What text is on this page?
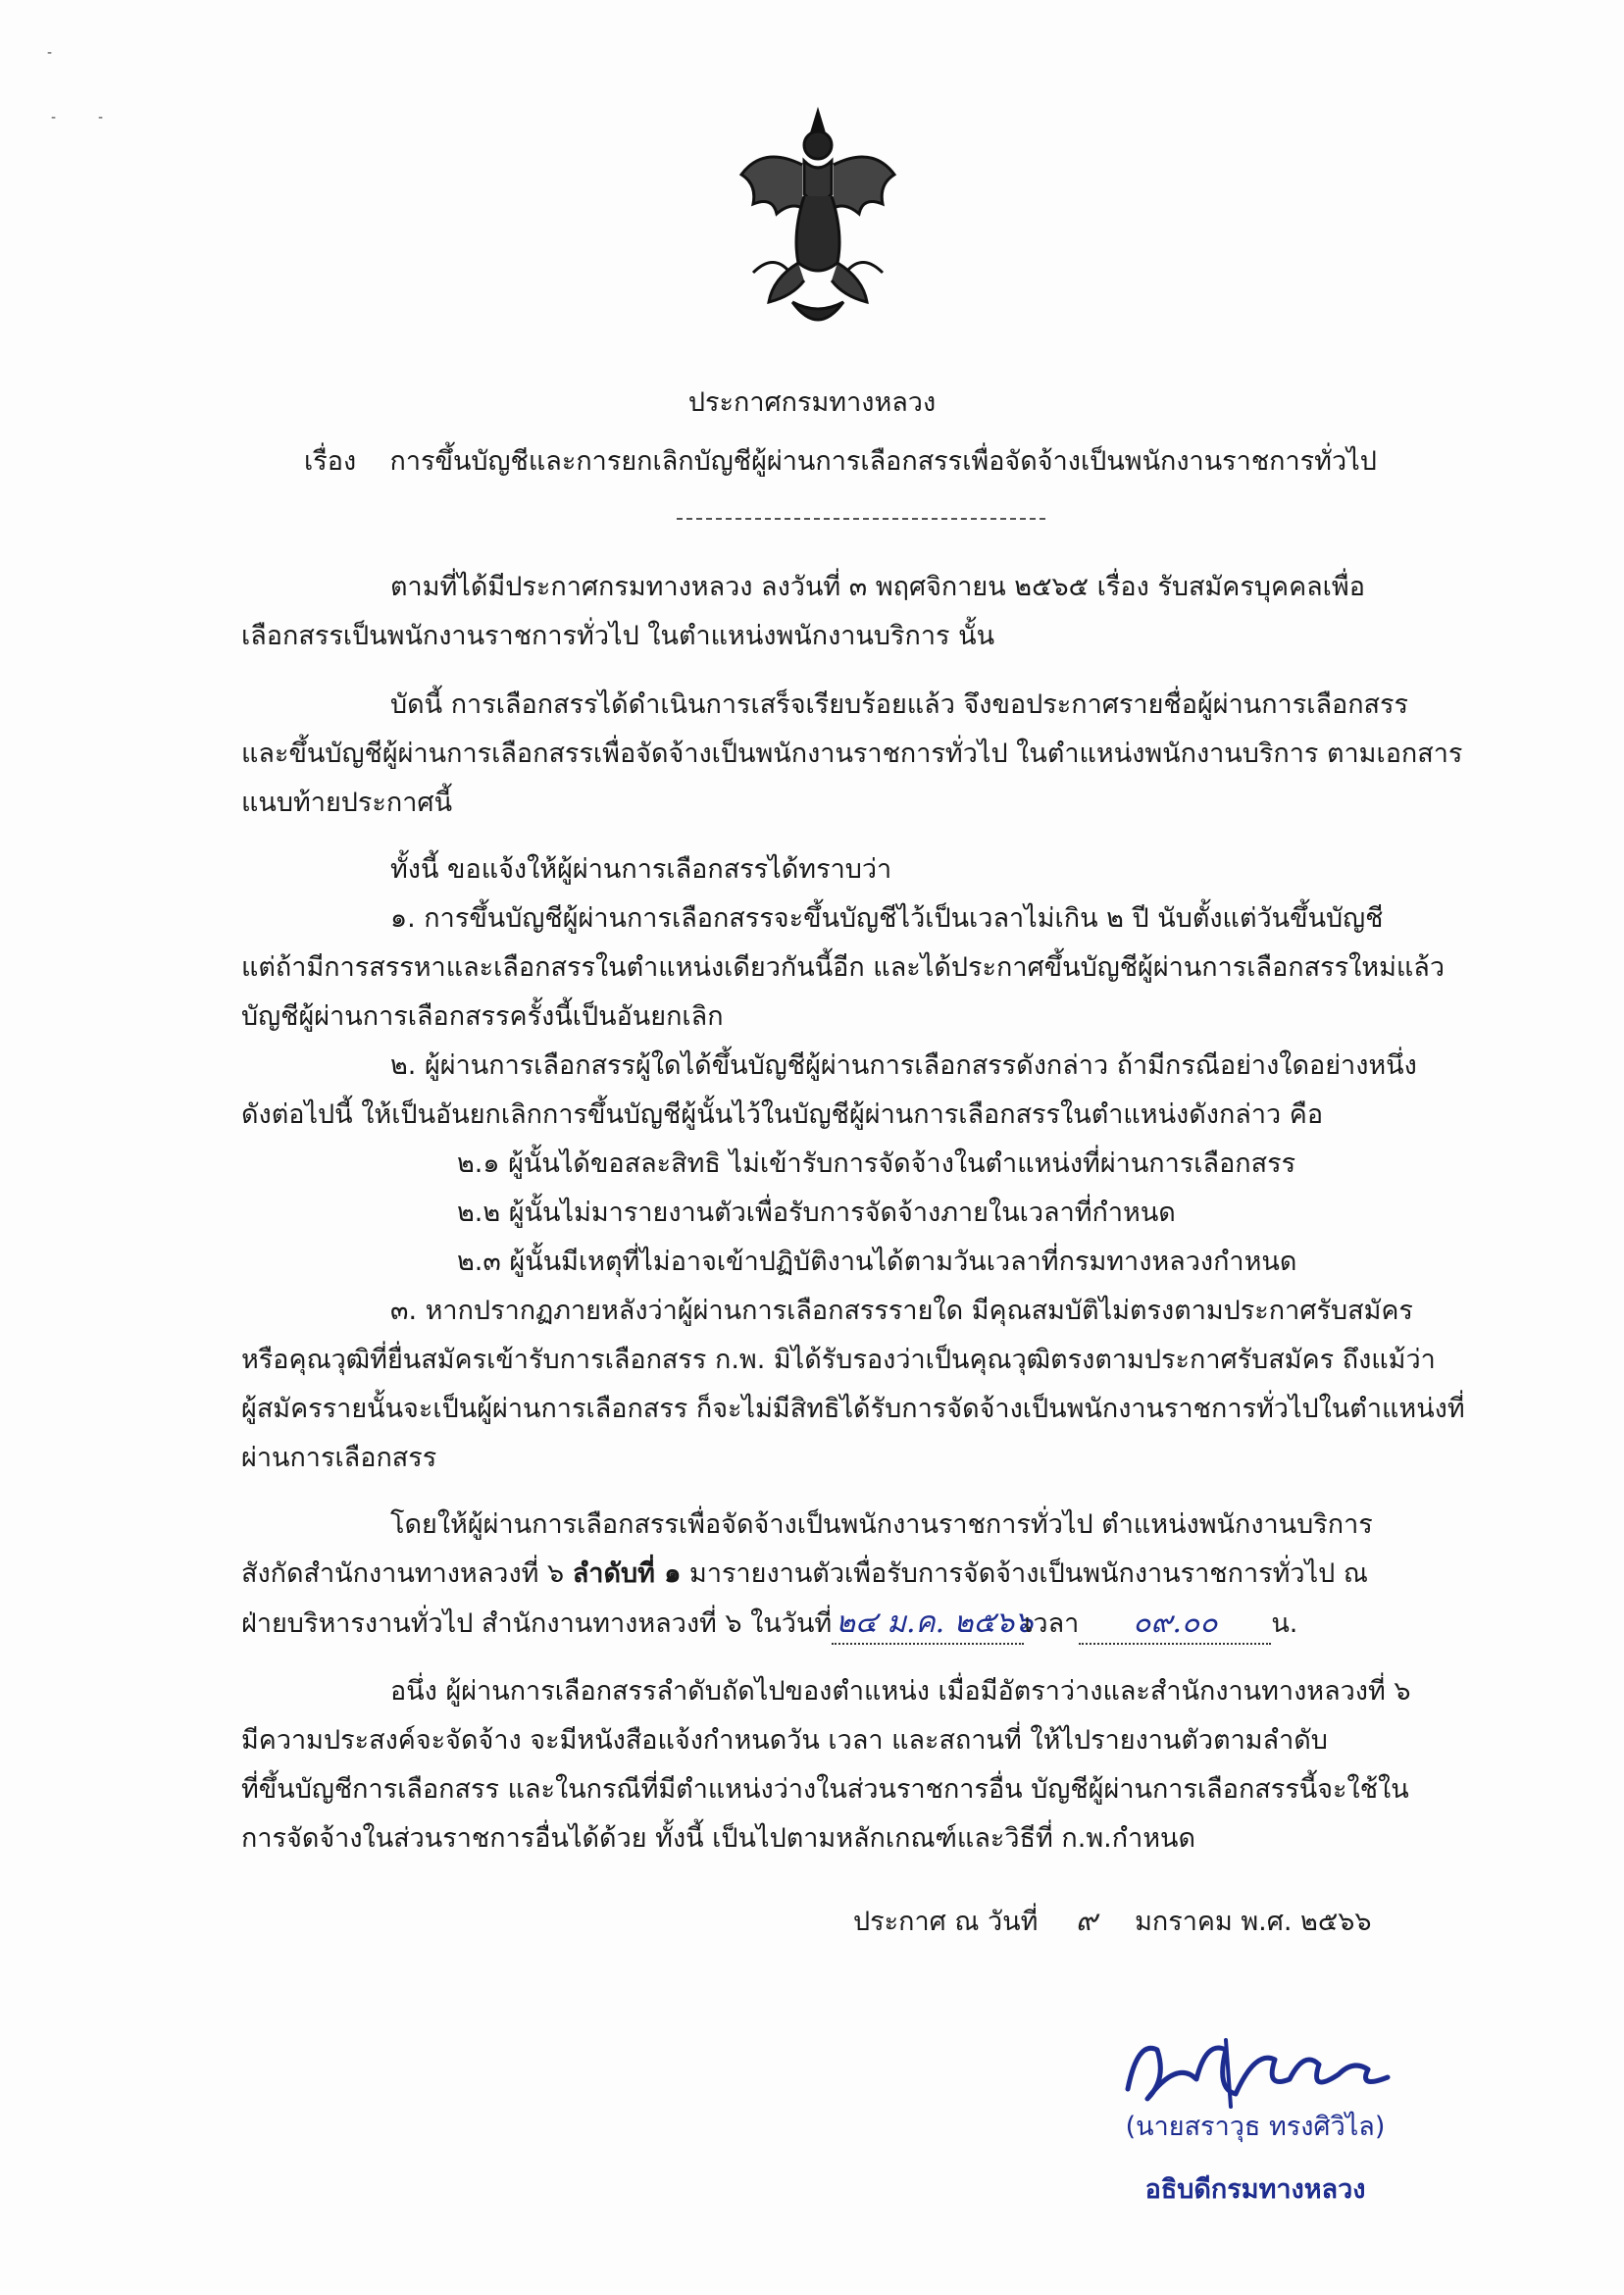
-
-	-
ประกาศกรมทางหลวง
เรื่อง การขึ้นบัญชีและการยกเลิกบัญชีผู้ผ่านการเลือกสรรเพื่อจัดจ้างเป็นพนักงานราชการทั่วไป
ตามที่ได้มีประกาศกรมทางหลวง ลงวันที่ ๓ พฤศจิกายน ๒๕๖๕ เรื่อง รับสมัครบุคคลเพื่อ
เลือกสรรเป็นพนักงานราชการทั่วไป ในตำแหน่งพนักงานบริการ นั้น
บัดนี้ การเลือกสรรได้ดำเนินการเสร็จเรียบร้อยแล้ว จึงขอประกาศรายชื่อผู้ผ่านการเลือกสรร
และขึ้นบัญชีผู้ผ่านการเลือกสรรเพื่อจัดจ้างเป็นพนักงานราชการทั่วไป ในตำแหน่งพนักงานบริการ ตามเอกสาร
แนบท้ายประกาศนี้
ทั้งนี้ ขอแจ้งให้ผู้ผ่านการเลือกสรรได้ทราบว่า
๑. การขึ้นบัญชีผู้ผ่านการเลือกสรรจะขึ้นบัญชีไว้เป็นเวลาไม่เกิน ๒ ปี นับตั้งแต่วันขึ้นบัญชี
แต่ถ้ามีการสรรหาและเลือกสรรในตำแหน่งเดียวกันนี้อีก และได้ประกาศขึ้นบัญชีผู้ผ่านการเลือกสรรใหม่แล้ว
บัญชีผู้ผ่านการเลือกสรรครั้งนี้เป็นอันยกเลิก
๒. ผู้ผ่านการเลือกสรรผู้ใดได้ขึ้นบัญชีผู้ผ่านการเลือกสรรดังกล่าว ถ้ามีกรณีอย่างใดอย่างหนึ่ง
ดังต่อไปนี้ ให้เป็นอันยกเลิกการขึ้นบัญชีผู้นั้นไว้ในบัญชีผู้ผ่านการเลือกสรรในตำแหน่งดังกล่าว คือ
๒.๑ ผู้นั้นได้ขอสละสิทธิ ไม่เข้ารับการจัดจ้างในตำแหน่งที่ผ่านการเลือกสรร
๒.๒ ผู้นั้นไม่มารายงานตัวเพื่อรับการจัดจ้างภายในเวลาที่กำหนด
๒.๓ ผู้นั้นมีเหตุที่ไม่อาจเข้าปฏิบัติงานได้ตามวันเวลาที่กรมทางหลวงกำหนด
๓. หากปรากฏภายหลังว่าผู้ผ่านการเลือกสรรรายใด มีคุณสมบัติไม่ตรงตามประกาศรับสมัคร
หรือคุณวุฒิที่ยื่นสมัครเข้ารับการเลือกสรร ก.พ. มิได้รับรองว่าเป็นคุณวุฒิตรงตามประกาศรับสมัคร ถึงแม้ว่า
ผู้สมัครรายนั้นจะเป็นผู้ผ่านการเลือกสรร ก็จะไม่มีสิทธิได้รับการจัดจ้างเป็นพนักงานราชการทั่วไปในตำแหน่งที่
ผ่านการเลือกสรร
โดยให้ผู้ผ่านการเลือกสรรเพื่อจัดจ้างเป็นพนักงานราชการทั่วไป ตำแหน่งพนักงานบริการ
สังกัดสำนักงานทางหลวงที่ ๖ ลำดับที่ ๑ มารายงานตัวเพื่อรับการจัดจ้างเป็นพนักงานราชการทั่วไป ณ
ฝ่ายบริหารงานทั่วไป สำนักงานทางหลวงที่ ๖ ในวันที่ ๒๔ ม.ค. ๒๕๖๖เวลา ๐๙.๐๐ น.
อนึ่ง ผู้ผ่านการเลือกสรรลำดับถัดไปของตำแหน่ง เมื่อมีอัตราว่างและสำนักงานทางหลวงที่ ๖
มีความประสงค์จะจัดจ้าง จะมีหนังสือแจ้งกำหนดวัน เวลา และสถานที่ ให้ไปรายงานตัวตามลำดับ
ที่ขึ้นบัญชีการเลือกสรร และในกรณีที่มีตำแหน่งว่างในส่วนราชการอื่น บัญชีผู้ผ่านการเลือกสรรนี้จะใช้ใน
การจัดจ้างในส่วนราชการอื่นได้ด้วย ทั้งนี้ เป็นไปตามหลักเกณฑ์และวิธีที่ ก.พ.กำหนด
ประกาศ ณ วันที่ ๙ มกราคม พ.ศ. ๒๕๖๖
(นายสราวุธ ทรงศิวิไล)
อธิบดีกรมทางหลวง
